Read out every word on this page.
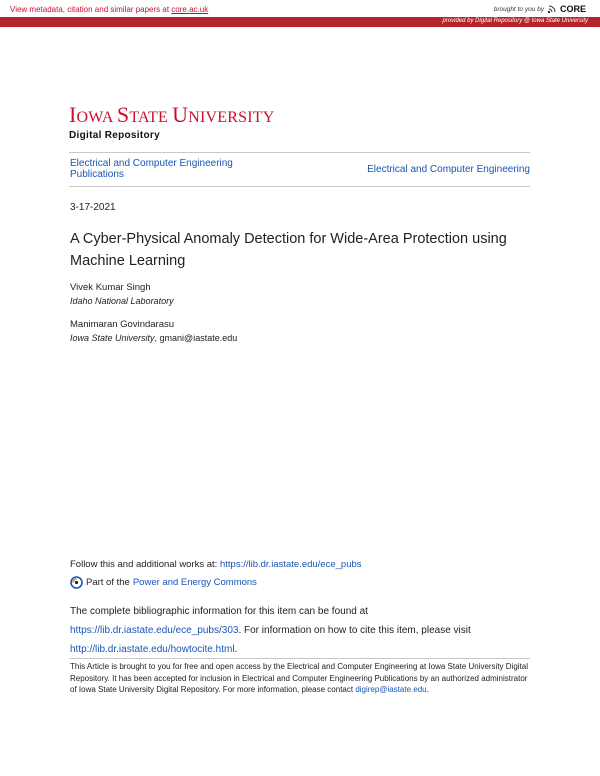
View metadata, citation and similar papers at core.ac.uk	brought to you by CORE
provided by Digital Repository @ Iowa State University
IOWA STATE UNIVERSITY
Digital Repository
Electrical and Computer Engineering Publications	Electrical and Computer Engineering
3-17-2021
A Cyber-Physical Anomaly Detection for Wide-Area Protection using Machine Learning
Vivek Kumar Singh
Idaho National Laboratory
Manimaran Govindarasu
Iowa State University, gmani@iastate.edu
Follow this and additional works at: https://lib.dr.iastate.edu/ece_pubs
Part of the Power and Energy Commons
The complete bibliographic information for this item can be found at https://lib.dr.iastate.edu/ece_pubs/303. For information on how to cite this item, please visit http://lib.dr.iastate.edu/howtocite.html.
This Article is brought to you for free and open access by the Electrical and Computer Engineering at Iowa State University Digital Repository. It has been accepted for inclusion in Electrical and Computer Engineering Publications by an authorized administrator of Iowa State University Digital Repository. For more information, please contact digirep@iastate.edu.
